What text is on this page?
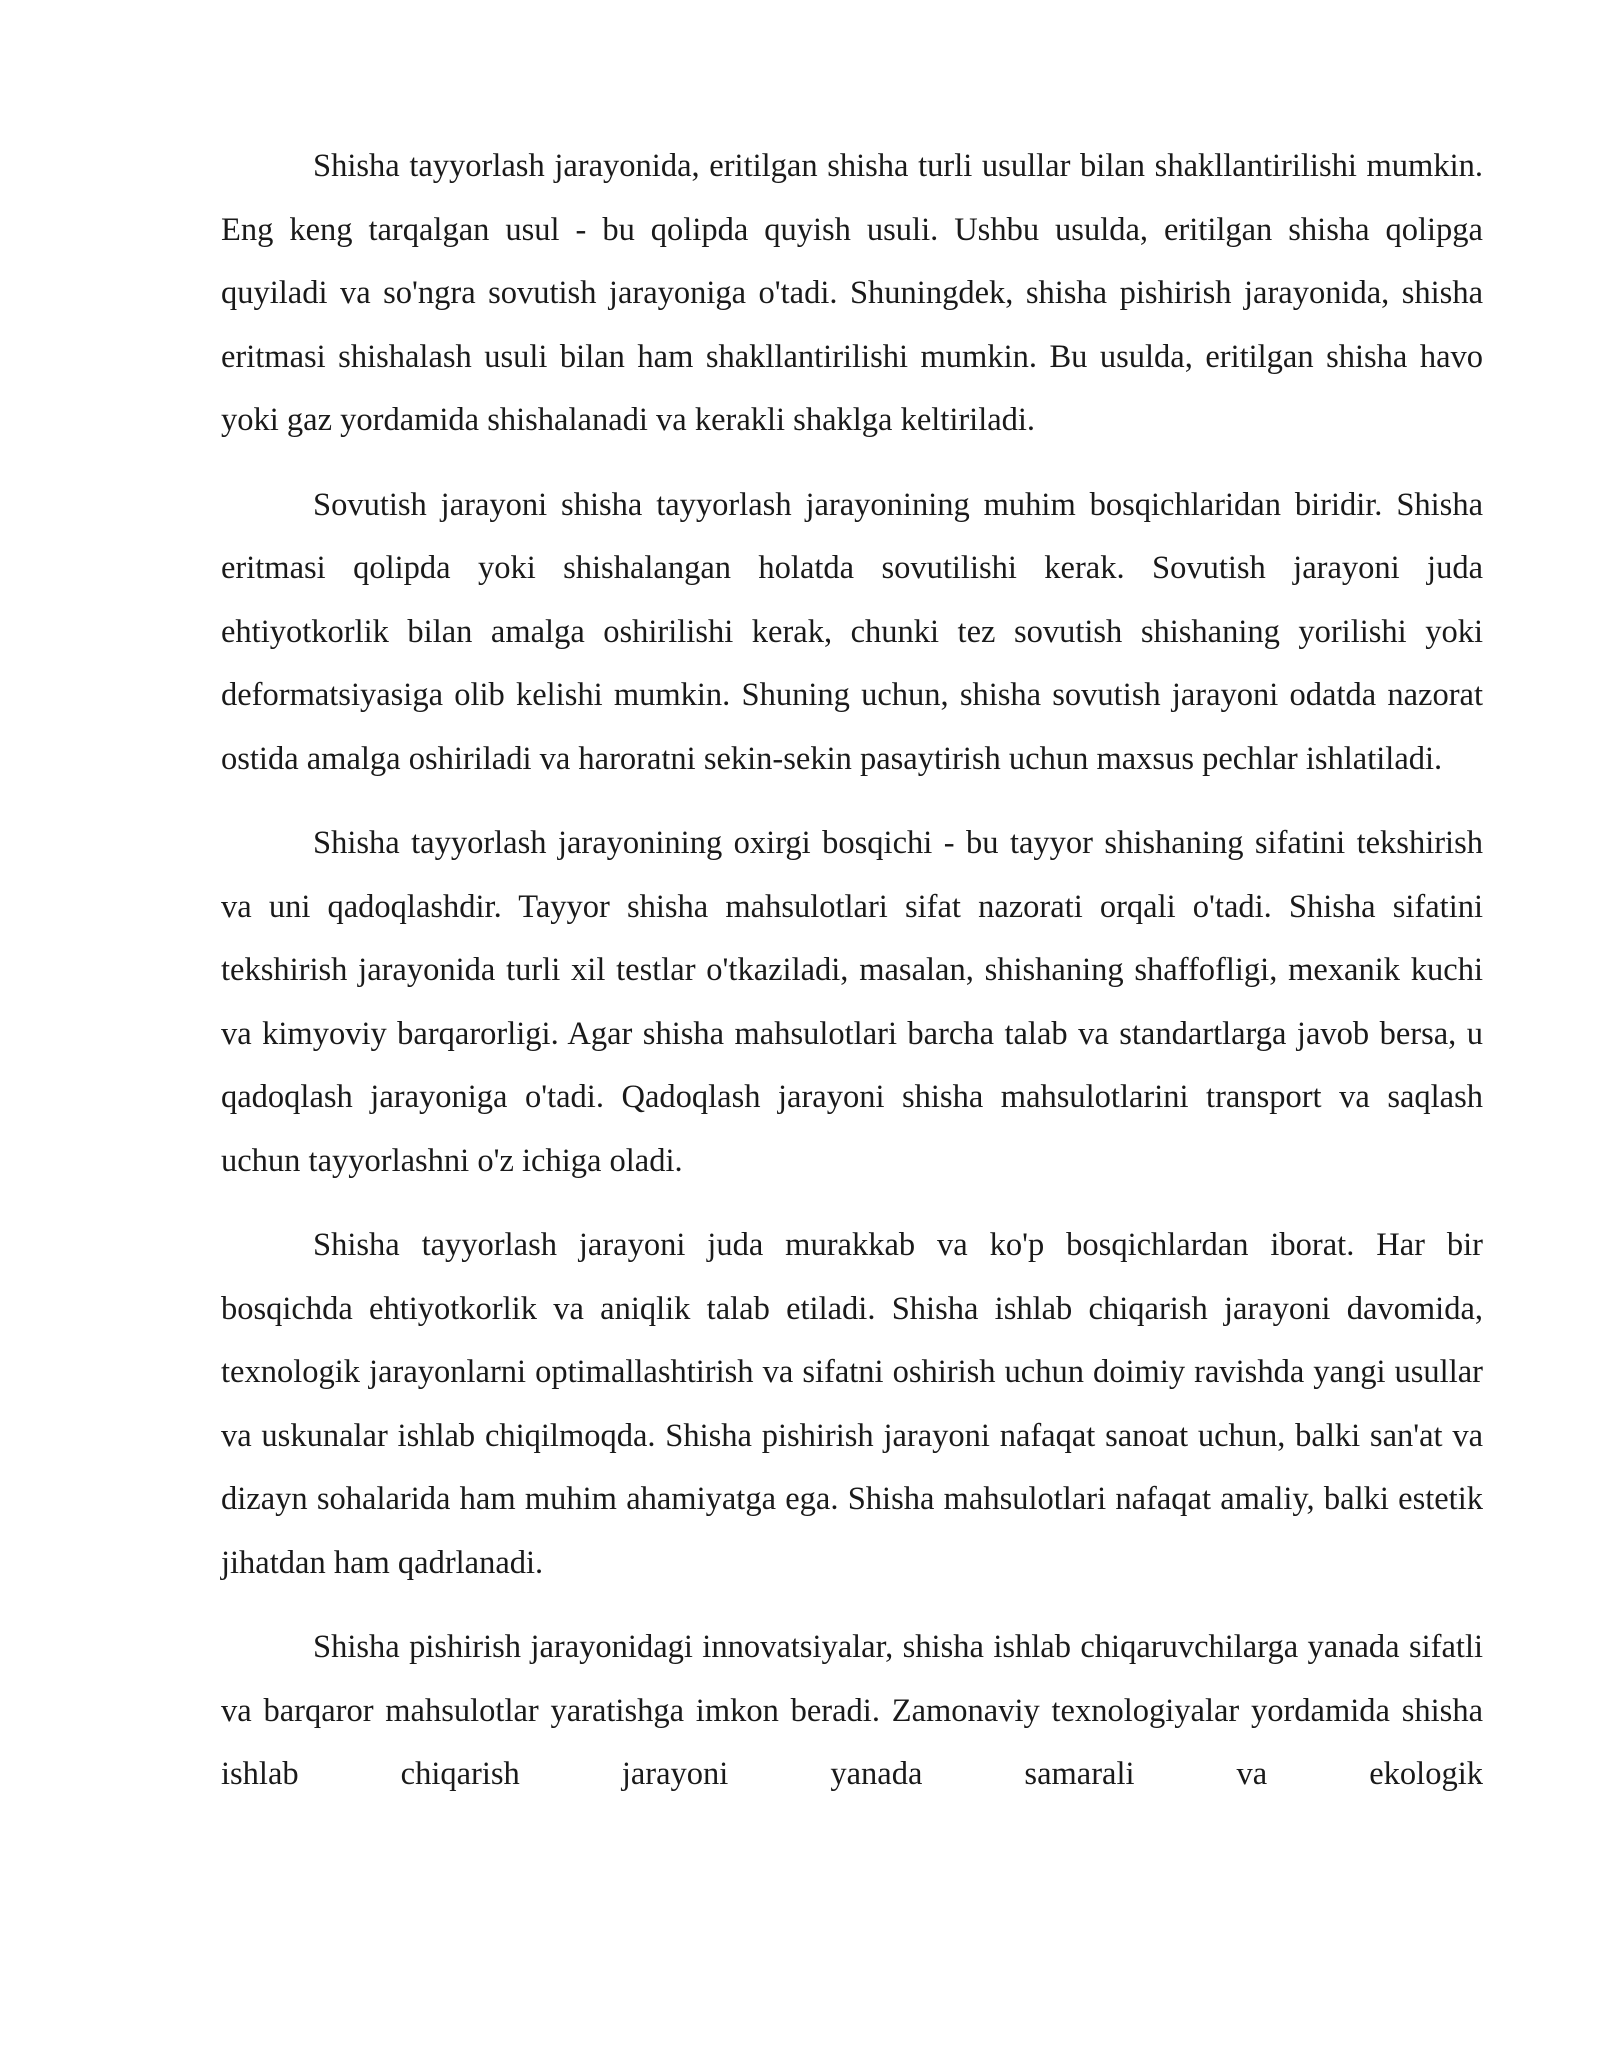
Shisha tayyorlash jarayonida, eritilgan shisha turli usullar bilan shakllantirilishi mumkin. Eng keng tarqalgan usul - bu qolipda quyish usuli. Ushbu usulda, eritilgan shisha qolipga quyiladi va so'ngra sovutish jarayoniga o'tadi. Shuningdek, shisha pishirish jarayonida, shisha eritmasi shishalash usuli bilan ham shakllantirilishi mumkin. Bu usulda, eritilgan shisha havo yoki gaz yordamida shishalanadi va kerakli shaklga keltiriladi.

Sovutish jarayoni shisha tayyorlash jarayonining muhim bosqichlaridan biridir. Shisha eritmasi qolipda yoki shishalangan holatda sovutilishi kerak. Sovutish jarayoni juda ehtiyotkorlik bilan amalga oshirilishi kerak, chunki tez sovutish shishaning yorilishi yoki deformatsiyasiga olib kelishi mumkin. Shuning uchun, shisha sovutish jarayoni odatda nazorat ostida amalga oshiriladi va haroratni sekin-sekin pasaytirish uchun maxsus pechlar ishlatiladi.

Shisha tayyorlash jarayonining oxirgi bosqichi - bu tayyor shishaning sifatini tekshirish va uni qadoqlashdir. Tayyor shisha mahsulotlari sifat nazorati orqali o'tadi. Shisha sifatini tekshirish jarayonida turli xil testlar o'tkaziladi, masalan, shishaning shaffofligi, mexanik kuchi va kimyoviy barqarorligi. Agar shisha mahsulotlari barcha talab va standartlarga javob bersa, u qadoqlash jarayoniga o'tadi. Qadoqlash jarayoni shisha mahsulotlarini transport va saqlash uchun tayyorlashni o'z ichiga oladi.

Shisha tayyorlash jarayoni juda murakkab va ko'p bosqichlardan iborat. Har bir bosqichda ehtiyotkorlik va aniqlik talab etiladi. Shisha ishlab chiqarish jarayoni davomida, texnologik jarayonlarni optimallashtirish va sifatni oshirish uchun doimiy ravishda yangi usullar va uskunalar ishlab chiqilmoqda. Shisha pishirish jarayoni nafaqat sanoat uchun, balki san'at va dizayn sohalarida ham muhim ahamiyatga ega. Shisha mahsulotlari nafaqat amaliy, balki estetik jihatdan ham qadrlanadi.

Shisha pishirish jarayonidagi innovatsiyalar, shisha ishlab chiqaruvchilarga yanada sifatli va barqaror mahsulotlar yaratishga imkon beradi. Zamonaviy texnologiyalar yordamida shisha ishlab chiqarish jarayoni yanada samarali va ekologik
